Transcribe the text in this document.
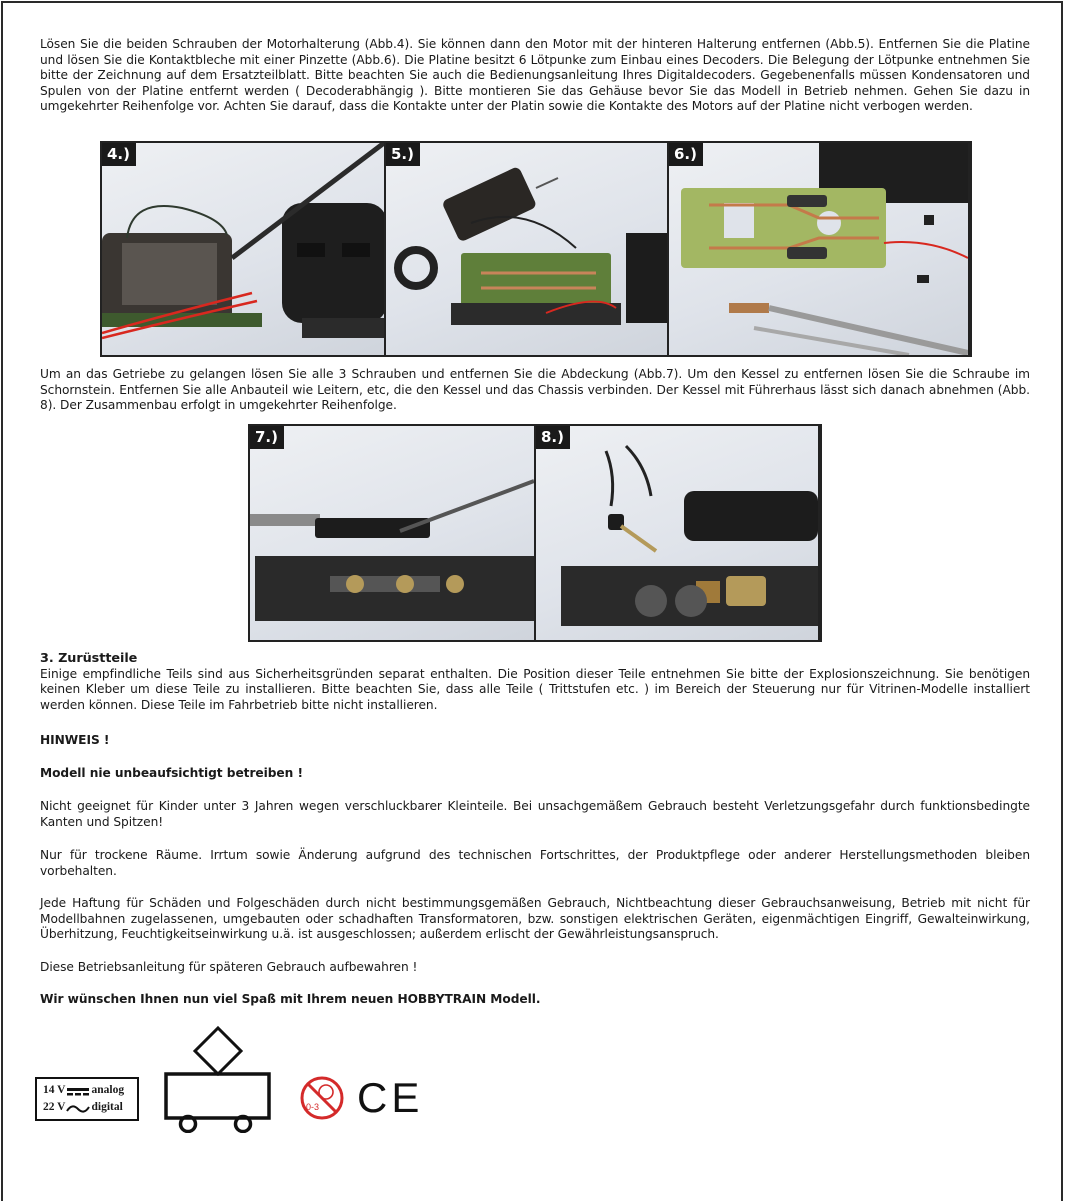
Lösen Sie die beiden Schrauben der Motorhalterung (Abb.4). Sie können dann den Motor mit der hinteren Halterung entfernen (Abb.5). Entfernen Sie die Platine und lösen Sie die Kontaktbleche mit einer Pinzette (Abb.6). Die Platine besitzt 6 Lötpunke zum Einbau eines Decoders. Die Belegung der Lötpunke entnehmen Sie bitte der Zeichnung auf dem Ersatzteilblatt. Bitte beachten Sie auch die Bedienungsanleitung Ihres Digitaldecoders. Gegebenenfalls müssen Kondensatoren und Spulen von der Platine entfernt werden ( Decoderabhängig ). Bitte montieren Sie das Gehäuse bevor Sie das Modell in Betrieb nehmen. Gehen Sie dazu in umgekehrter Reihenfolge vor. Achten Sie darauf, dass die Kontakte unter der Platin sowie die Kontakte des Motors auf der Platine nicht verbogen werden.

4.)	5.)	6.)

Um an das Getriebe zu gelangen lösen Sie alle 3 Schrauben und entfernen Sie die Abdeckung (Abb.7). Um den Kessel zu entfernen lösen Sie die Schraube im Schornstein. Entfernen Sie alle Anbauteil wie Leitern, etc, die den Kessel und das Chassis verbinden. Der Kessel mit Führerhaus lässt sich danach abnehmen (Abb. 8). Der Zusammenbau erfolgt in umgekehrter Reihenfolge.

7.)	8.)

3. Zurüstteile

Einige empfindliche Teils sind aus Sicherheitsgründen separat enthalten. Die Position dieser Teile entnehmen Sie bitte der Explosionszeichnung. Sie benötigen keinen Kleber um diese Teile zu installieren. Bitte beachten Sie, dass alle Teile ( Trittstufen etc. ) im Bereich der Steuerung nur für Vitrinen-Modelle installiert werden können. Diese Teile im Fahrbetrieb bitte nicht installieren.

HINWEIS !

Modell nie unbeaufsichtigt betreiben !

Nicht geeignet für Kinder unter 3 Jahren wegen verschluckbarer Kleinteile. Bei unsachgemäßem Gebrauch besteht Verletzungsgefahr durch funktionsbedingte Kanten und Spitzen!

Nur für trockene Räume. Irrtum sowie Änderung aufgrund des technischen Fortschrittes, der Produktpflege oder anderer Herstellungsmethoden bleiben vorbehalten.

Jede Haftung für Schäden und Folgeschäden durch nicht bestimmungsgemäßen Gebrauch, Nichtbeachtung dieser Gebrauchsanweisung, Betrieb mit nicht für Modellbahnen zugelassenen, umgebauten oder schadhaften Transformatoren, bzw. sonstigen elektrischen Geräten, eigenmächtigen Eingriff, Gewalteinwirkung, Überhitzung, Feuchtigkeitseinwirkung u.ä. ist ausgeschlossen; außerdem erlischt der Gewährleistungsanspruch.

Diese Betriebsanleitung für späteren Gebrauch aufbewahren !

Wir wünschen Ihnen nun viel Spaß mit Ihrem neuen HOBBYTRAIN Modell.

14 V analog
22 V digital	0-3 CE
